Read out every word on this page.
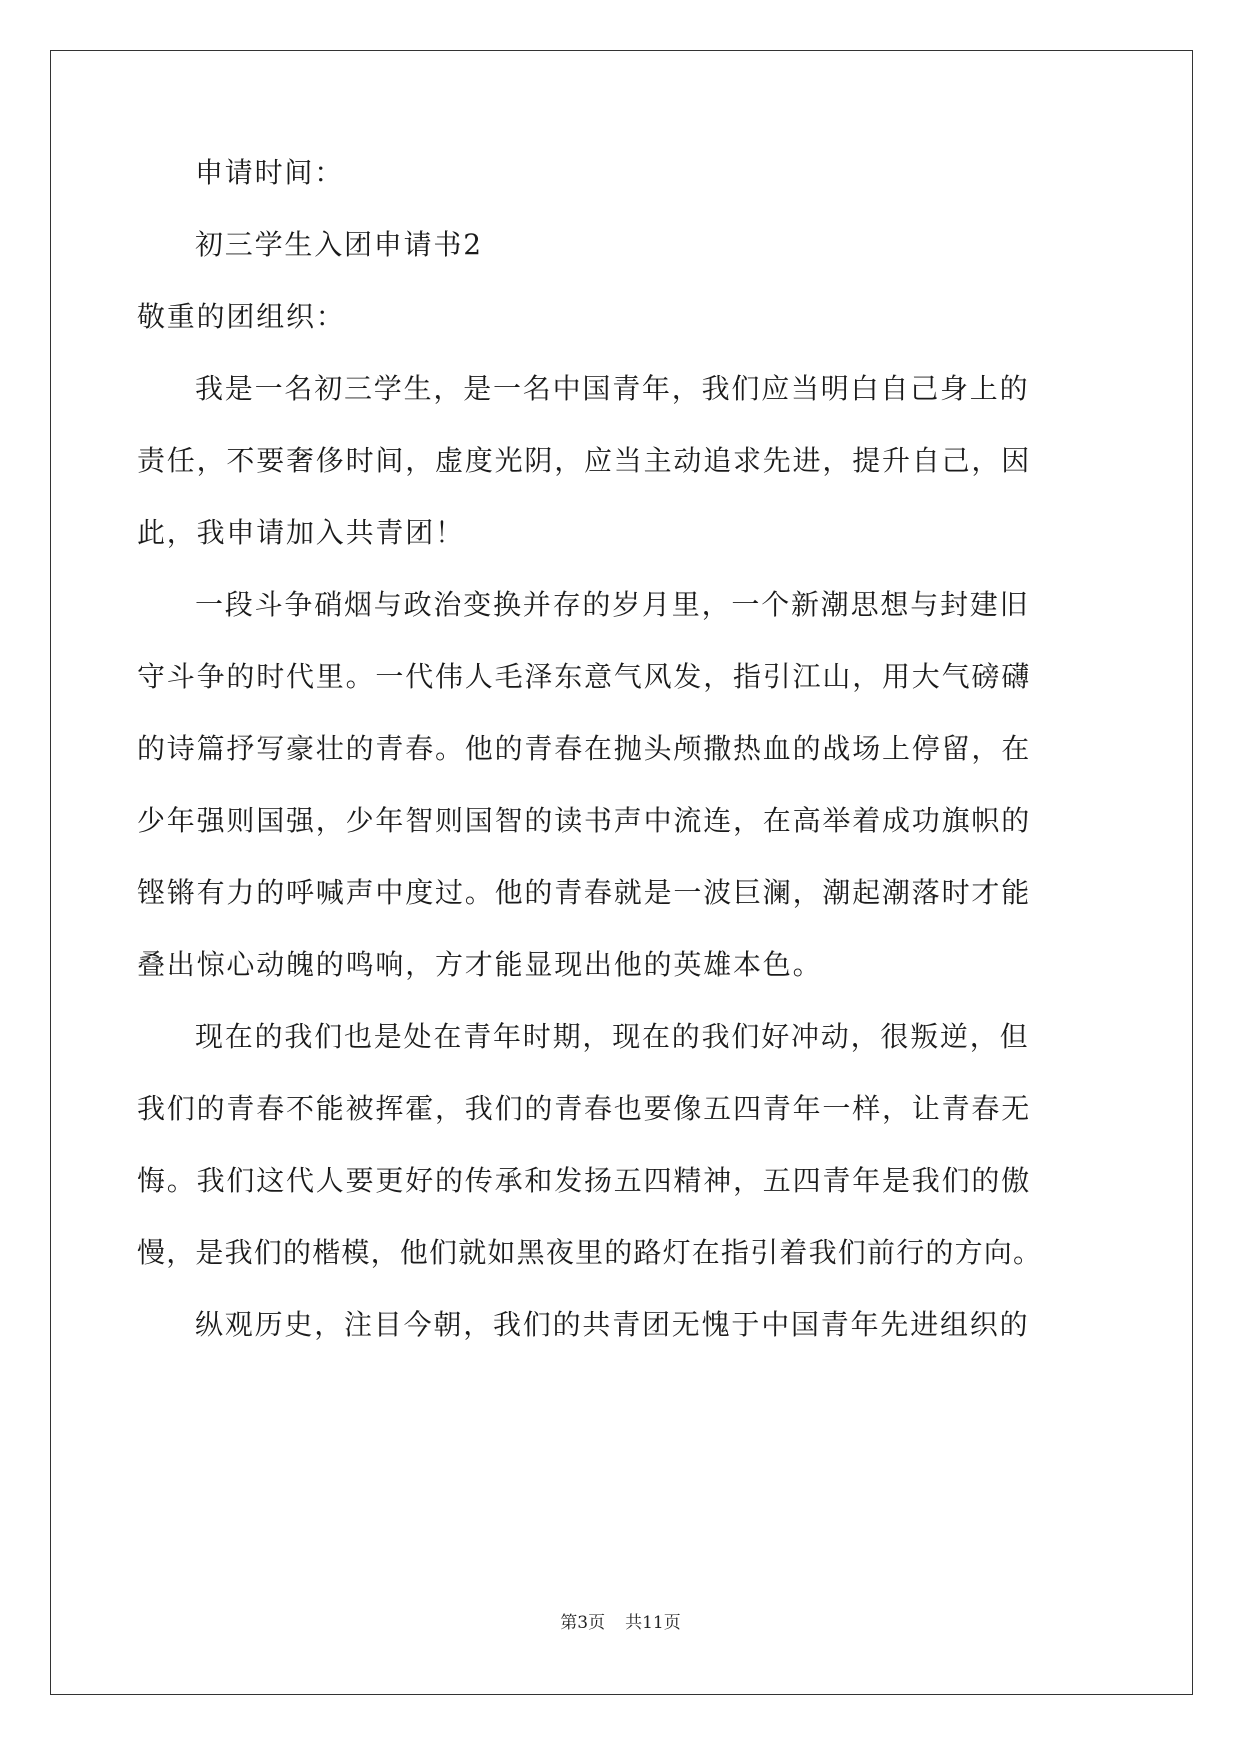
申请时间：
初三学生入团申请书2
敬重的团组织：
我是一名初三学生，是一名中国青年，我们应当明白自己身上的
责任，不要奢侈时间，虚度光阴，应当主动追求先进，提升自己，因
此，我申请加入共青团！
一段斗争硝烟与政治变换并存的岁月里，一个新潮思想与封建旧
守斗争的时代里。一代伟人毛泽东意气风发，指引江山，用大气磅礴
的诗篇抒写豪壮的青春。他的青春在抛头颅撒热血的战场上停留，在
少年强则国强，少年智则国智的读书声中流连，在高举着成功旗帜的
铿锵有力的呼喊声中度过。他的青春就是一波巨澜，潮起潮落时才能
叠出惊心动魄的鸣响，方才能显现出他的英雄本色。
现在的我们也是处在青年时期，现在的我们好冲动，很叛逆，但
我们的青春不能被挥霍，我们的青春也要像五四青年一样，让青春无
悔。我们这代人要更好的传承和发扬五四精神，五四青年是我们的傲
慢，是我们的楷模，他们就如黑夜里的路灯在指引着我们前行的方向。
纵观历史，注目今朝，我们的共青团无愧于中国青年先进组织的
第3页 共11页
